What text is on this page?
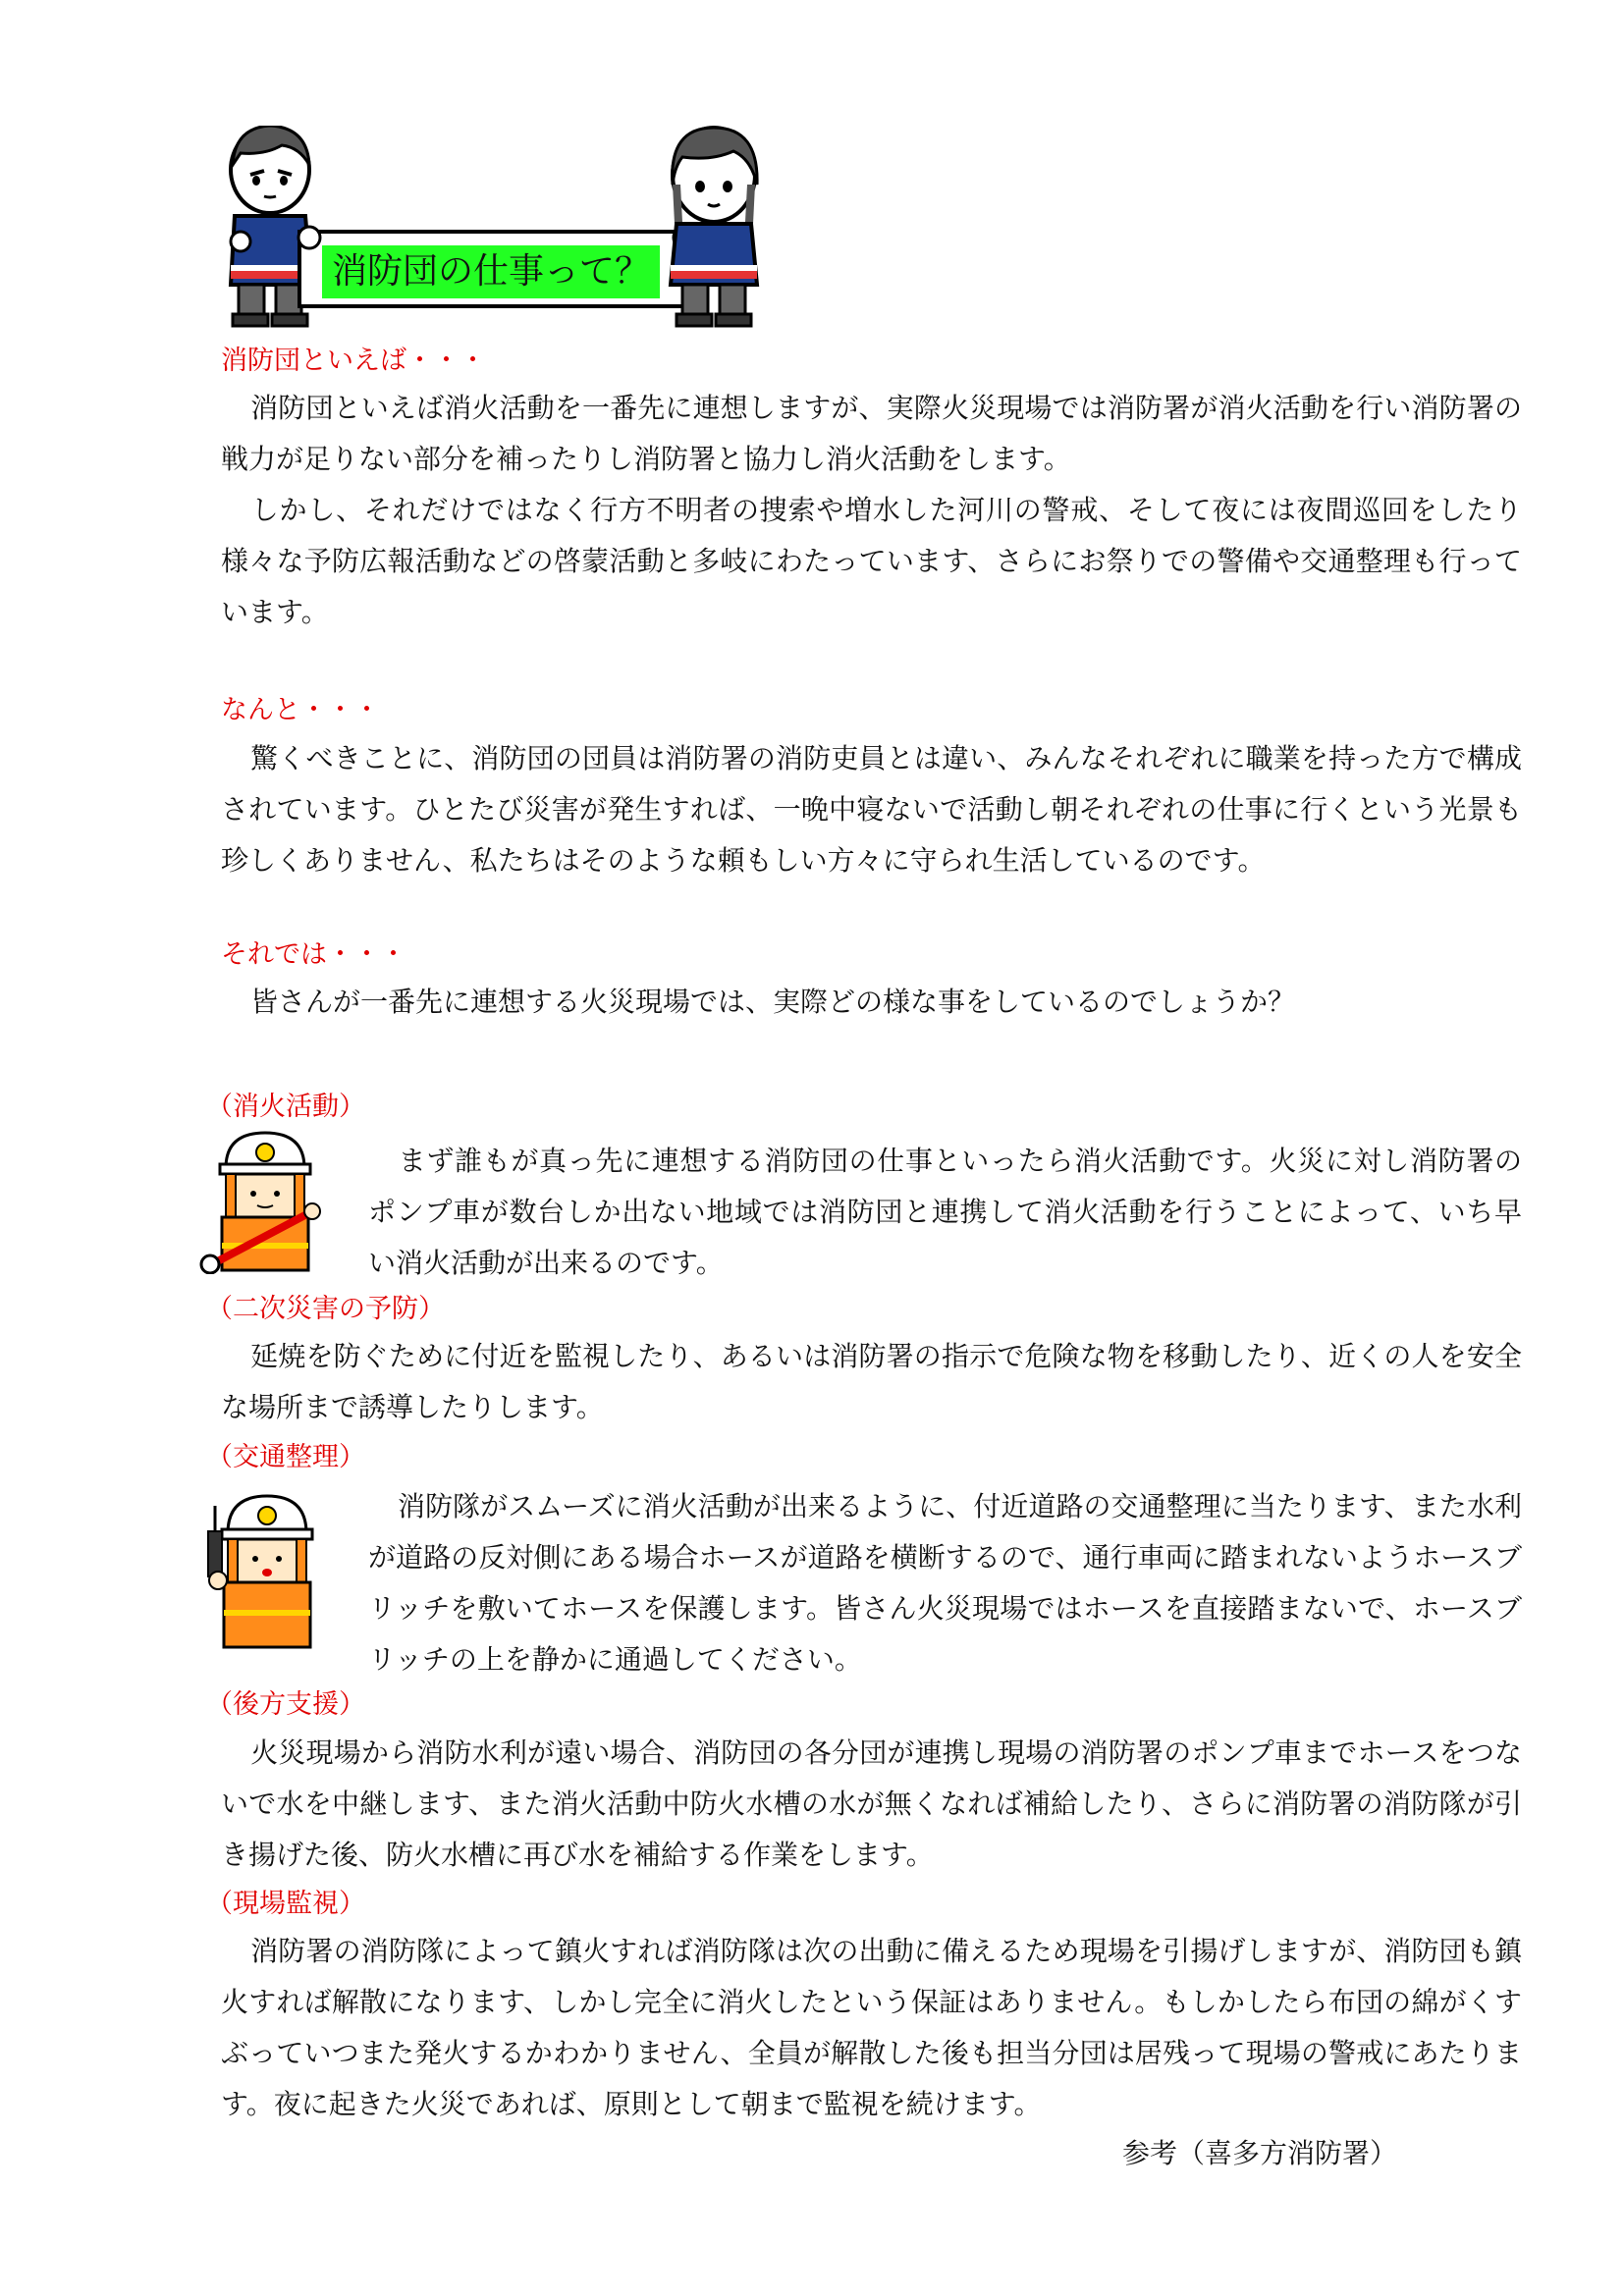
消防団の仕事って？
消防団といえば・・・

消防団といえば消火活動を一番先に連想しますが、実際火災現場では消防署が消火活動を行い消防署の戦力が足りない部分を補ったりし消防署と協力し消火活動をします。

しかし、それだけではなく行方不明者の捜索や増水した河川の警戒、そして夜には夜間巡回をしたり様々な予防広報活動などの啓蒙活動と多岐にわたっています、さらにお祭りでの警備や交通整理も行っています。

なんと・・・

驚くべきことに、消防団の団員は消防署の消防吏員とは違い、みんなそれぞれに職業を持った方で構成されています。ひとたび災害が発生すれば、一晩中寝ないで活動し朝それぞれの仕事に行くという光景も珍しくありません、私たちはそのような頼もしい方々に守られ生活しているのです。

それでは・・・

皆さんが一番先に連想する火災現場では、実際どの様な事をしているのでしょうか？

（消火活動）

まず誰もが真っ先に連想する消防団の仕事といったら消火活動です。火災に対し消防署のポンプ車が数台しか出ない地域では消防団と連携して消火活動を行うことによって、いち早い消火活動が出来るのです。

（二次災害の予防）

延焼を防ぐために付近を監視したり、あるいは消防署の指示で危険な物を移動したり、近くの人を安全な場所まで誘導したりします。

（交通整理）

消防隊がスムーズに消火活動が出来るように、付近道路の交通整理に当たります、また水利が道路の反対側にある場合ホースが道路を横断するので、通行車両に踏まれないようホースブリッチを敷いてホースを保護します。皆さん火災現場ではホースを直接踏まないで、ホースブリッチの上を静かに通過してください。

（後方支援）

火災現場から消防水利が遠い場合、消防団の各分団が連携し現場の消防署のポンプ車までホースをつないで水を中継します、また消火活動中防火水槽の水が無くなれば補給したり、さらに消防署の消防隊が引き揚げた後、防火水槽に再び水を補給する作業をします。

（現場監視）

消防署の消防隊によって鎮火すれば消防隊は次の出動に備えるため現場を引揚げしますが、消防団も鎮火すれば解散になります、しかし完全に消火したという保証はありません。もしかしたら布団の綿がくすぶっていつまた発火するかわかりません、全員が解散した後も担当分団は居残って現場の警戒にあたります。夜に起きた火災であれば、原則として朝まで監視を続けます。

参考（喜多方消防署）
